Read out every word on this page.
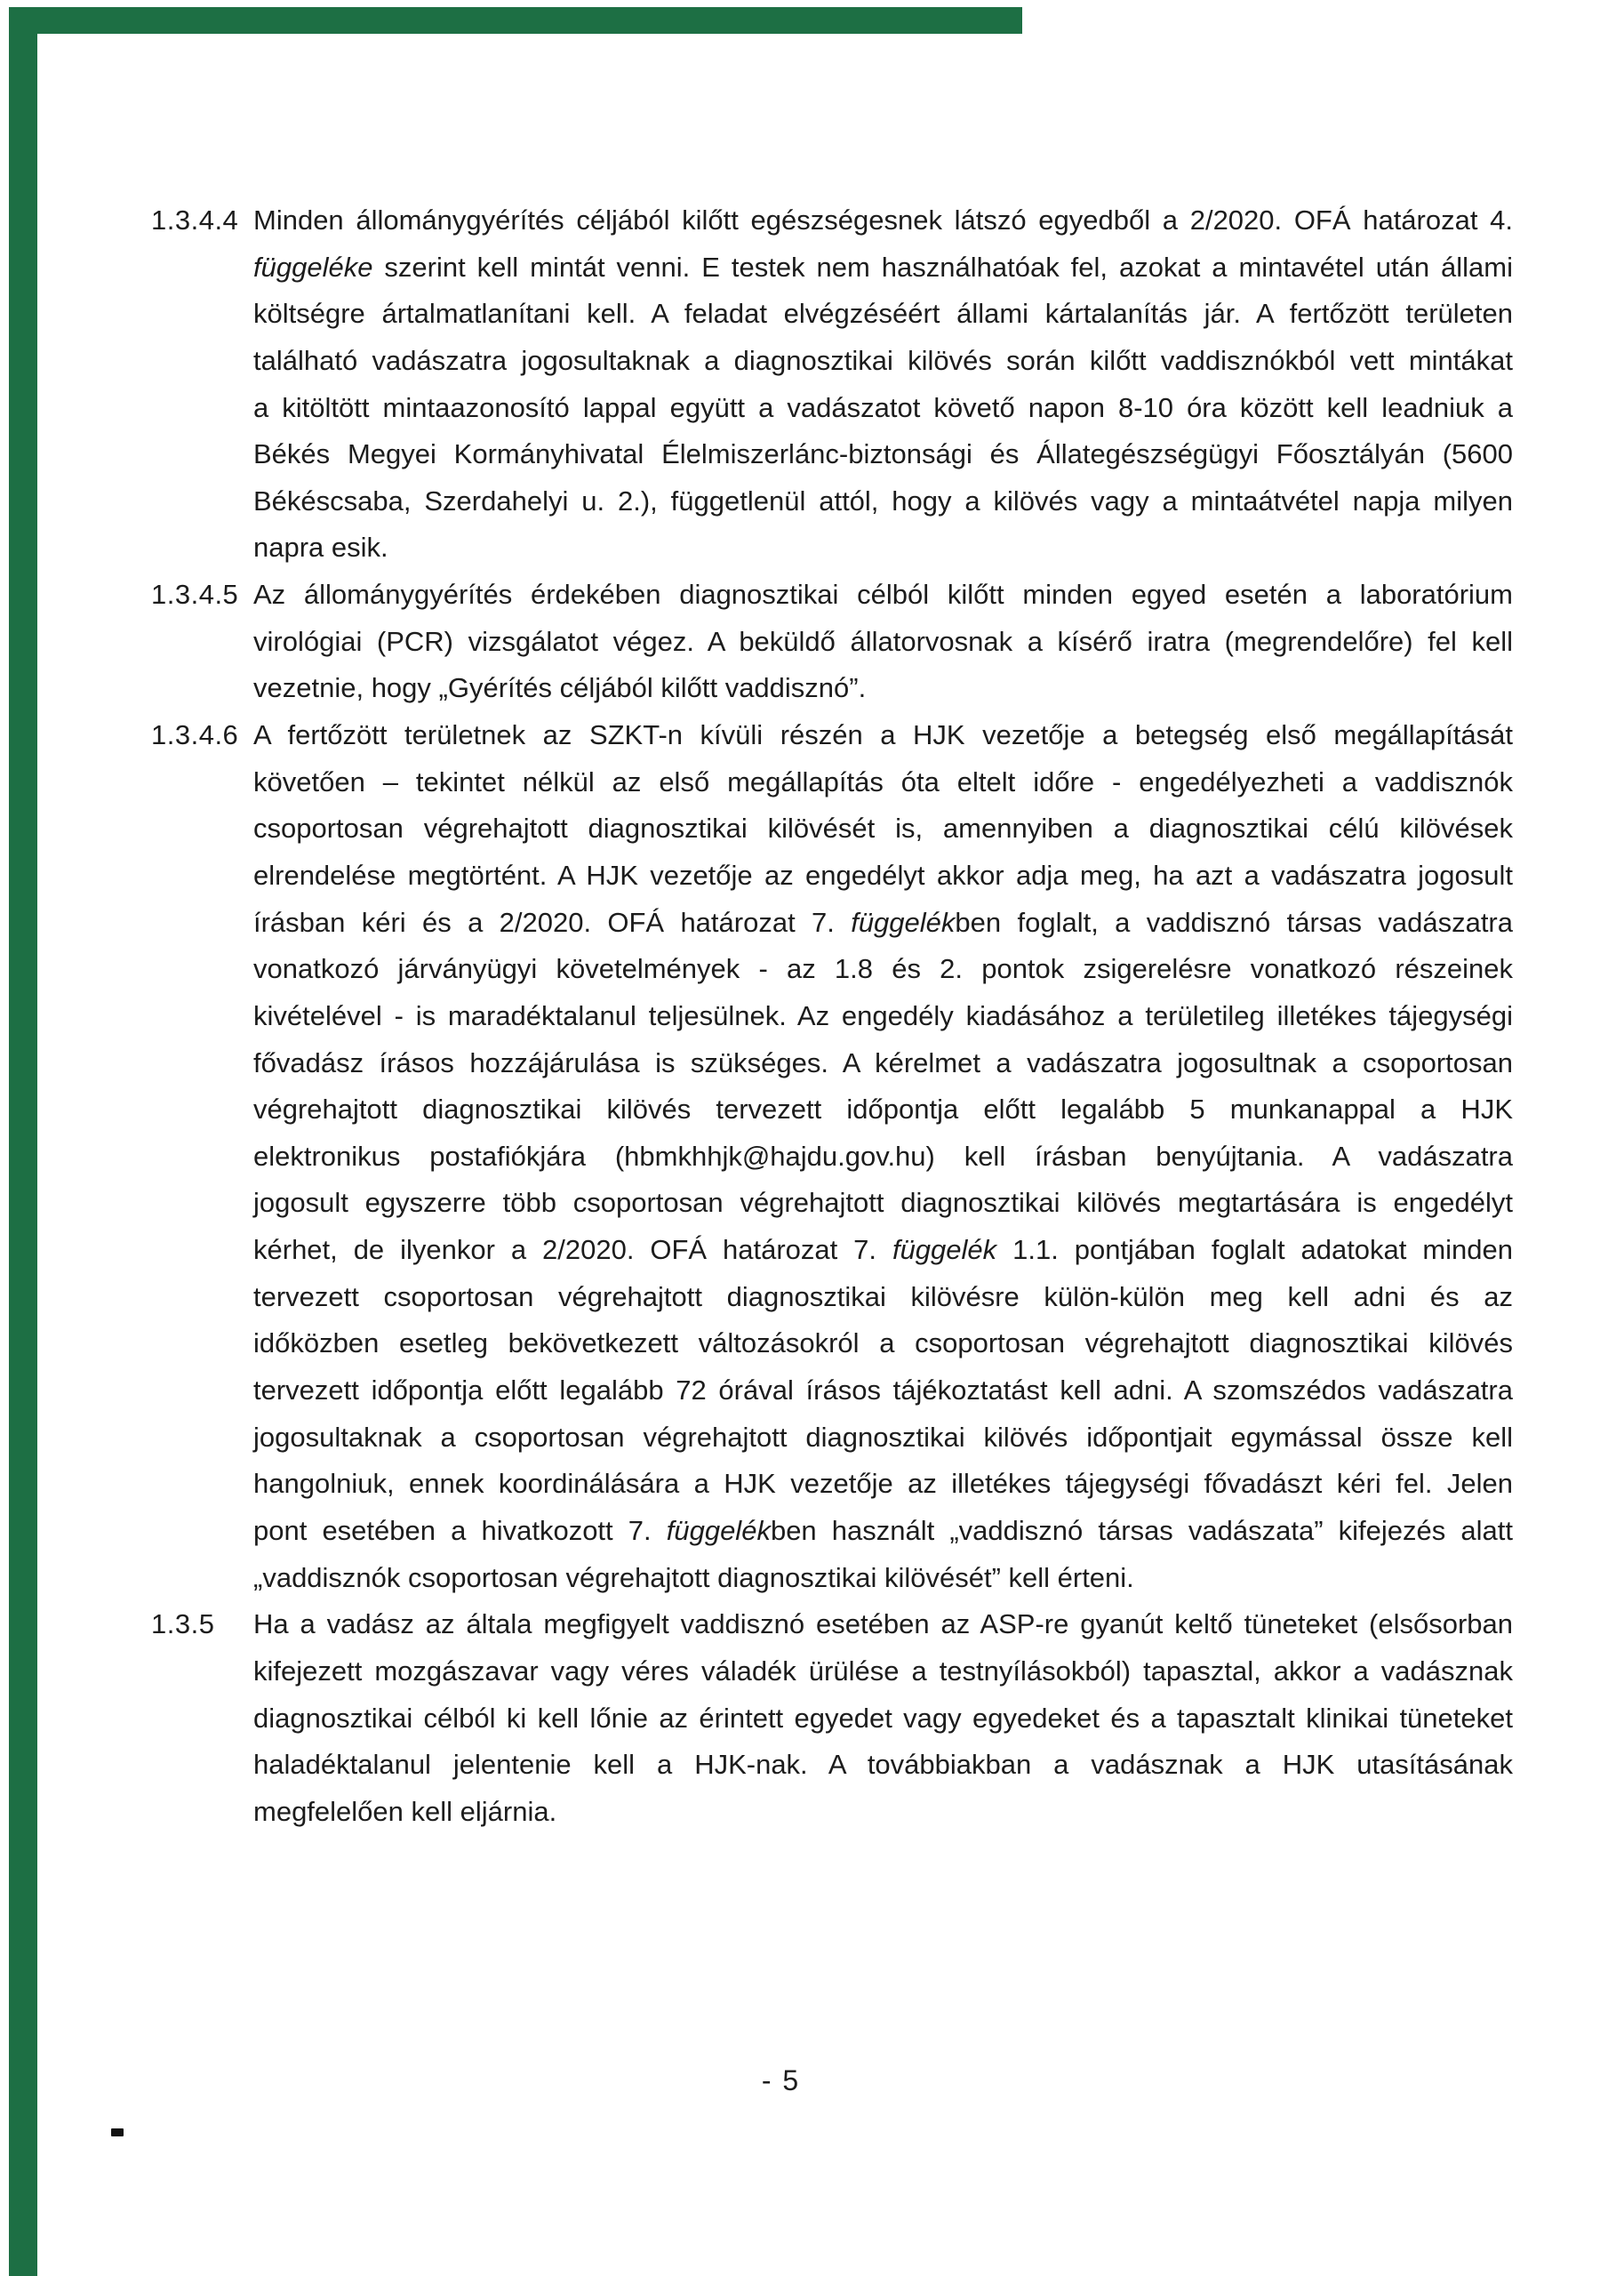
1.3.4.4 Minden állománygyérítés céljából kilőtt egészségesnek látszó egyedből a 2/2020. OFÁ határozat 4.
függeléke szerint kell mintát venni. E testek nem használhatóak fel, azokat a mintavétel után állami
költségre ártalmatlanítani kell. A feladat elvégzéséért állami kártalanítás jár. A fertőzött területen
található vadászatra jogosultaknak a diagnosztikai kilövés során kilőtt vaddisznókból vett mintákat
a kitöltött mintaazonosító lappal együtt a vadászatot követő napon 8-10 óra között kell leadniuk a
Békés Megyei Kormányhivatal Élelmiszerlánc-biztonsági és Állategészségügyi Főosztályán (5600
Békéscsaba, Szerdahelyi u. 2.), függetlenül attól, hogy a kilövés vagy a mintaátvétel napja milyen
napra esik.
1.3.4.5 Az állománygyérítés érdekében diagnosztikai célból kilőtt minden egyed esetén a laboratórium
virológiai (PCR) vizsgálatot végez. A beküldő állatorvosnak a kísérő iratra (megrendelőre) fel kell
vezetnie, hogy „Gyérítés céljából kilőtt vaddisznó”.
1.3.4.6 A fertőzött területnek az SZKT-n kívüli részén a HJK vezetője a betegség első megállapítását
követően – tekintet nélkül az első megállapítás óta eltelt időre - engedélyezheti a vaddisznók
csoportosan végrehajtott diagnosztikai kilövését is, amennyiben a diagnosztikai célú kilövések
elrendelése megtörtént. A HJK vezetője az engedélyt akkor adja meg, ha azt a vadászatra jogosult
írásban kéri és a 2/2020. OFÁ határozat 7. függelékben foglalt, a vaddisznó társas vadászatra
vonatkozó járványügyi követelmények - az 1.8 és 2. pontok zsigerelésre vonatkozó részeinek
kivételével - is maradéktalanul teljesülnek. Az engedély kiadásához a területileg illetékes tájegységi
fővadász írásos hozzájárulása is szükséges. A kérelmet a vadászatra jogosultnak a csoportosan
végrehajtott diagnosztikai kilövés tervezett időpontja előtt legalább 5 munkanappal a HJK
elektronikus postafiókjára (hbmkhhjk@hajdu.gov.hu) kell írásban benyújtania. A vadászatra
jogosult egyszerre több csoportosan végrehajtott diagnosztikai kilövés megtartására is engedélyt
kérhet, de ilyenkor a 2/2020. OFÁ határozat 7. függelék 1.1. pontjában foglalt adatokat minden
tervezett csoportosan végrehajtott diagnosztikai kilövésre külön-külön meg kell adni és az
időközben esetleg bekövetkezett változásokról a csoportosan végrehajtott diagnosztikai kilövés
tervezett időpontja előtt legalább 72 órával írásos tájékoztatást kell adni. A szomszédos vadászatra
jogosultaknak a csoportosan végrehajtott diagnosztikai kilövés időpontjait egymással össze kell
hangolniuk, ennek koordinálására a HJK vezetője az illetékes tájegységi fővadászt kéri fel. Jelen
pont esetében a hivatkozott 7. függelékben használt „vaddisznó társas vadászata” kifejezés alatt
„vaddisznók csoportosan végrehajtott diagnosztikai kilövését” kell érteni.
1.3.5 Ha a vadász az általa megfigyelt vaddisznó esetében az ASP-re gyanút keltő tüneteket (elsősorban
kifejezett mozgászavar vagy véres váladék ürülése a testnyílásokból) tapasztal, akkor a vadásznak
diagnosztikai célból ki kell lőnie az érintett egyedet vagy egyedeket és a tapasztalt klinikai tüneteket
haladéktalanul jelentenie kell a HJK-nak. A továbbiakban a vadásznak a HJK utasításának
megfelelően kell eljárnia.
- 5
